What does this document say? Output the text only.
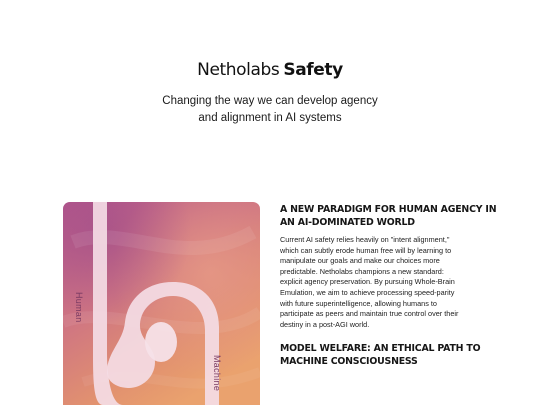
Netholabs Safety
Changing the way we can develop agency
and alignment in AI systems
Human
Machine
A NEW PARADIGM FOR HUMAN AGENCY IN
AN AI-DOMINATED WORLD
Current AI safety relies heavily on "intent alignment,"
which can subtly erode human free will by learning to
manipulate our goals and make our choices more
predictable. Netholabs champions a new standard:
explicit agency preservation. By pursuing Whole-Brain
Emulation, we aim to achieve processing speed-parity
with future superintelligence, allowing humans to
participate as peers and maintain true control over their
destiny in a post-AGI world.
MODEL WELFARE: AN ETHICAL PATH TO
MACHINE CONSCIOUSNESS
